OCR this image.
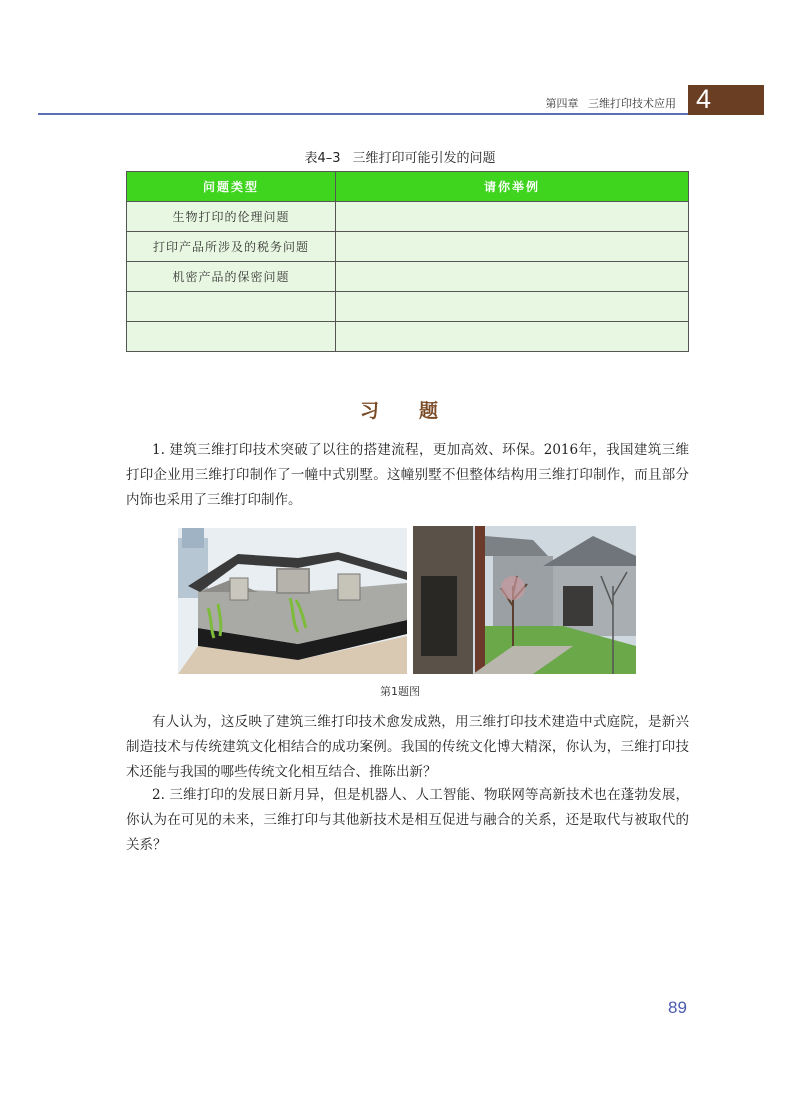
第四章 三维打印技术应用 4
表4–3 三维打印可能引发的问题
问题类型	请你举例
生物打印的伦理问题	
打印产品所涉及的税务问题	
机密产品的保密问题	

习 题
1. 建筑三维打印技术突破了以往的搭建流程，更加高效、环保。2016年，我国建筑三维打印企业用三维打印制作了一幢中式别墅。这幢别墅不但整体结构用三维打印制作，而且部分内饰也采用了三维打印制作。
第1题图
有人认为，这反映了建筑三维打印技术愈发成熟，用三维打印技术建造中式庭院，是新兴制造技术与传统建筑文化相结合的成功案例。我国的传统文化博大精深，你认为，三维打印技术还能与我国的哪些传统文化相互结合、推陈出新？
2. 三维打印的发展日新月异，但是机器人、人工智能、物联网等高新技术也在蓬勃发展，你认为在可见的未来，三维打印与其他新技术是相互促进与融合的关系，还是取代与被取代的关系？
89
